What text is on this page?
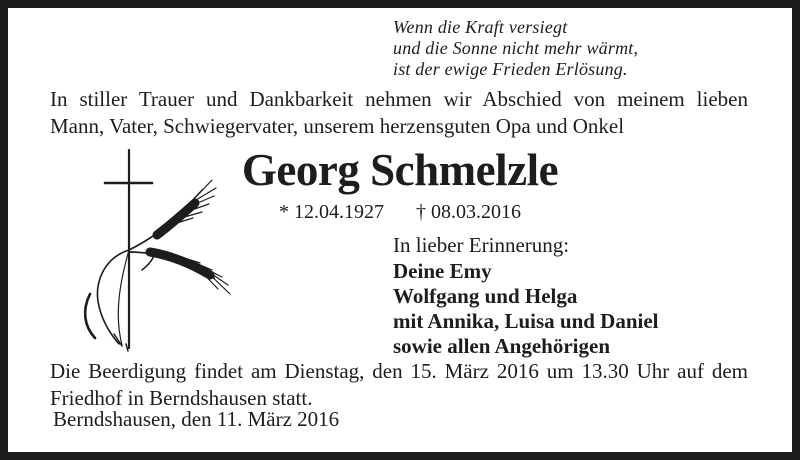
Wenn die Kraft versiegt
und die Sonne nicht mehr wärmt,
ist der ewige Frieden Erlösung.
In stiller Trauer und Dankbarkeit nehmen wir Abschied von meinem lieben
Mann, Vater, Schwiegervater, unserem herzensguten Opa und Onkel
Georg Schmelzle
* 12.04.1927 † 08.03.2016
In lieber Erinnerung:
Deine Emy
Wolfgang und Helga
mit Annika, Luisa und Daniel
sowie allen Angehörigen
Die Beerdigung findet am Dienstag, den 15. März 2016 um 13.30 Uhr auf dem
Friedhof in Berndshausen statt.
Berndshausen, den 11. März 2016
